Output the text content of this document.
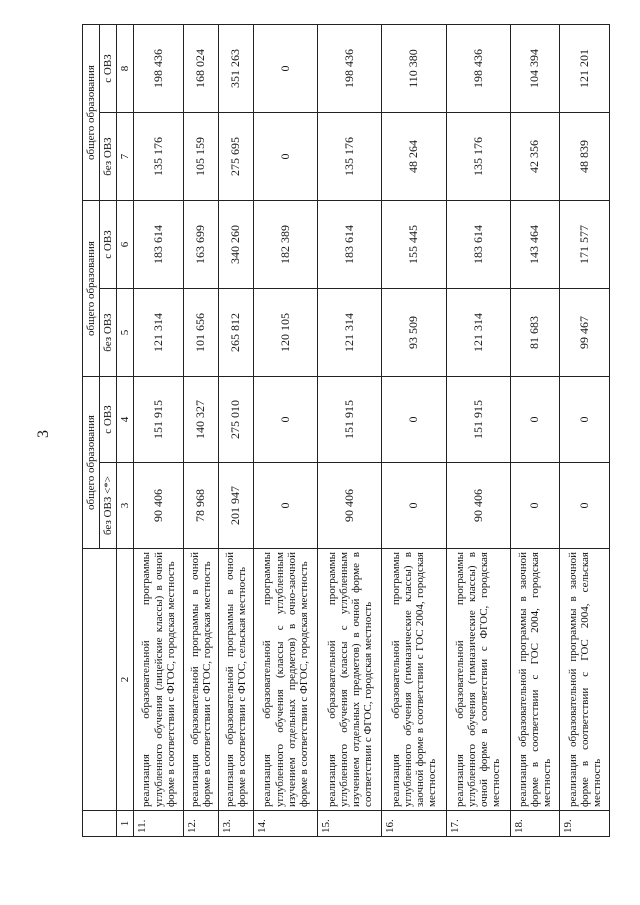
3
			общего образования		общего образования		общего образования	
		без ОВЗ <*>	с ОВЗ	без ОВЗ	с ОВЗ	без ОВЗ	с ОВЗ
1	2	3	4	5	6	7	8
11.	реализация образовательной программы углубленного обучения (лицейские классы) в очной форме в соответствии с ФГОС, городская местность	90 406	151 915	121 314	183 614	135 176	198 436
12.	реализация образовательной программы в очной форме в соответствии с ФГОС, городская местность	78 968	140 327	101 656	163 699	105 159	168 024
13.	реализация образовательной программы в очной форме в соответствии с ФГОС, сельская местность	201 947	275 010	265 812	340 260	275 695	351 263
14.	реализация образовательной программы углубленного обучения (классы с углубленным изучением отдельных предметов) в очно-заочной форме в соответствии с ФГОС, городская местность	0	0	120 105	182 389	0	0
15.	реализация образовательной программы углубленного обучения (классы с углубленным изучением отдельных предметов) в очной форме в соответствии с ФГОС, городская местность	90 406	151 915	121 314	183 614	135 176	198 436
16.	реализация образовательной программы углубленного обучения (гимназические классы) в заочной форме в соответствии с ГОС 2004, городская местность	0	0	93 509	155 445	48 264	110 380
17.	реализация образовательной программы углубленного обучения (гимназические классы) в очной форме в соответствии с ФГОС, городская местность	90 406	151 915	121 314	183 614	135 176	198 436
18.	реализация образовательной программы в заочной форме в соответствии с ГОС 2004, городская местность	0	0	81 683	143 464	42 356	104 394
19.	реализация образовательной программы в заочной форме в соответствии с ГОС 2004, сельская местность	0	0	99 467	171 577	48 839	121 201
